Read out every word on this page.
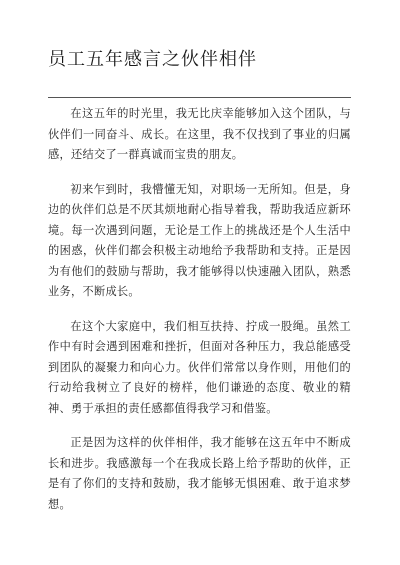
员工五年感言之伙伴相伴

在这五年的时光里，我无比庆幸能够加入这个团队，与伙伴们一同奋斗、成长。在这里，我不仅找到了事业的归属感，还结交了一群真诚而宝贵的朋友。

初来乍到时，我懵懂无知，对职场一无所知。但是，身边的伙伴们总是不厌其烦地耐心指导着我，帮助我适应新环境。每一次遇到问题，无论是工作上的挑战还是个人生活中的困惑，伙伴们都会积极主动地给予我帮助和支持。正是因为有他们的鼓励与帮助，我才能够得以快速融入团队，熟悉业务，不断成长。

在这个大家庭中，我们相互扶持、拧成一股绳。虽然工作中有时会遇到困难和挫折，但面对各种压力，我总能感受到团队的凝聚力和向心力。伙伴们常常以身作则，用他们的行动给我树立了良好的榜样，他们谦逊的态度、敬业的精神、勇于承担的责任感都值得我学习和借鉴。

正是因为这样的伙伴相伴，我才能够在这五年中不断成长和进步。我感激每一个在我成长路上给予帮助的伙伴，正是有了你们的支持和鼓励，我才能够无惧困难、敢于追求梦想。
